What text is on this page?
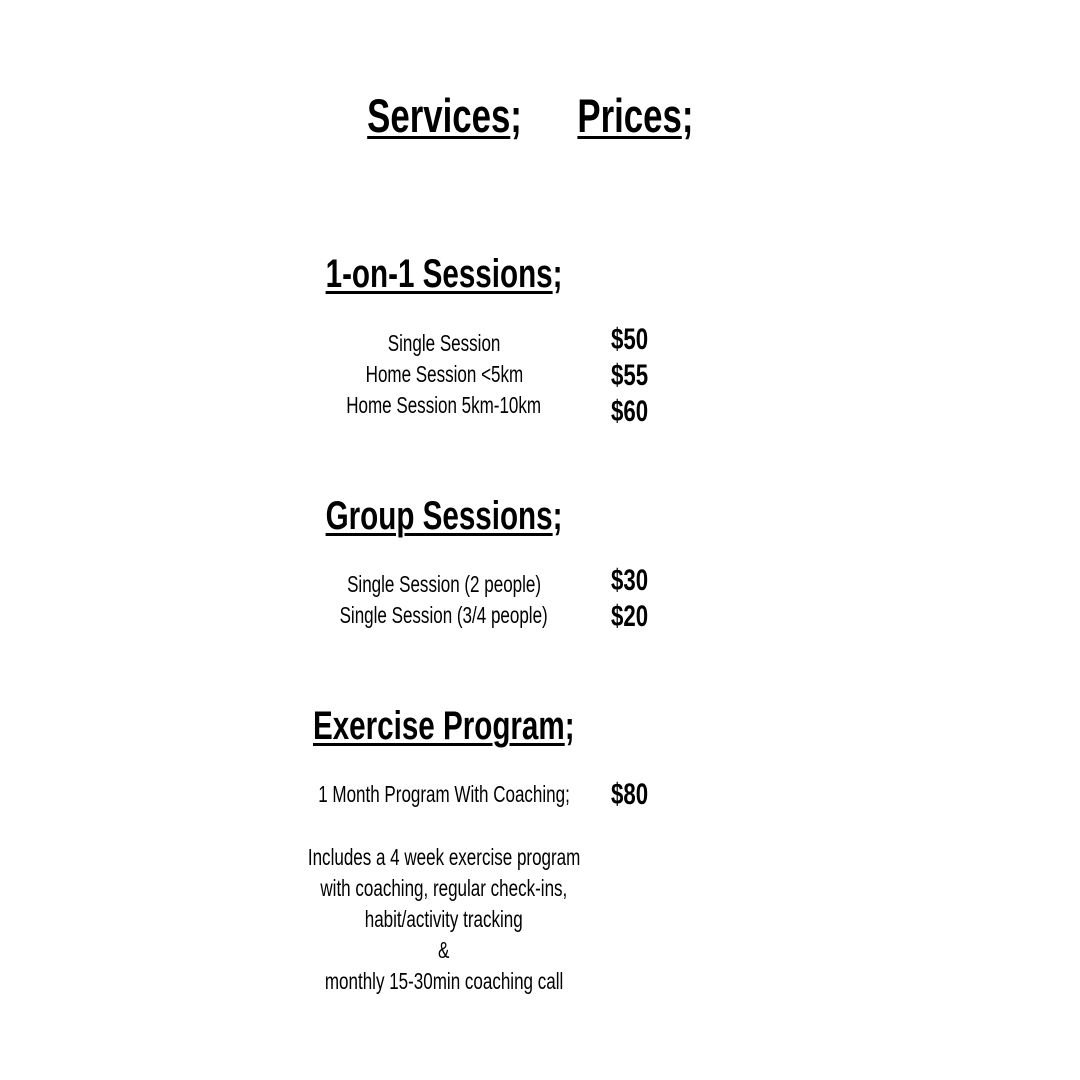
Services;	Prices;
1-on-1 Sessions;
Single Session	$50
Home Session <5km	$55
Home Session 5km-10km	$60
Group Sessions;
Single Session (2 people)	$30
Single Session (3/4 people)	$20
Exercise Program;
1 Month Program With Coaching;	$80
Includes a 4 week exercise program
with coaching, regular check-ins,
habit/activity tracking
&
monthly 15-30min coaching call
